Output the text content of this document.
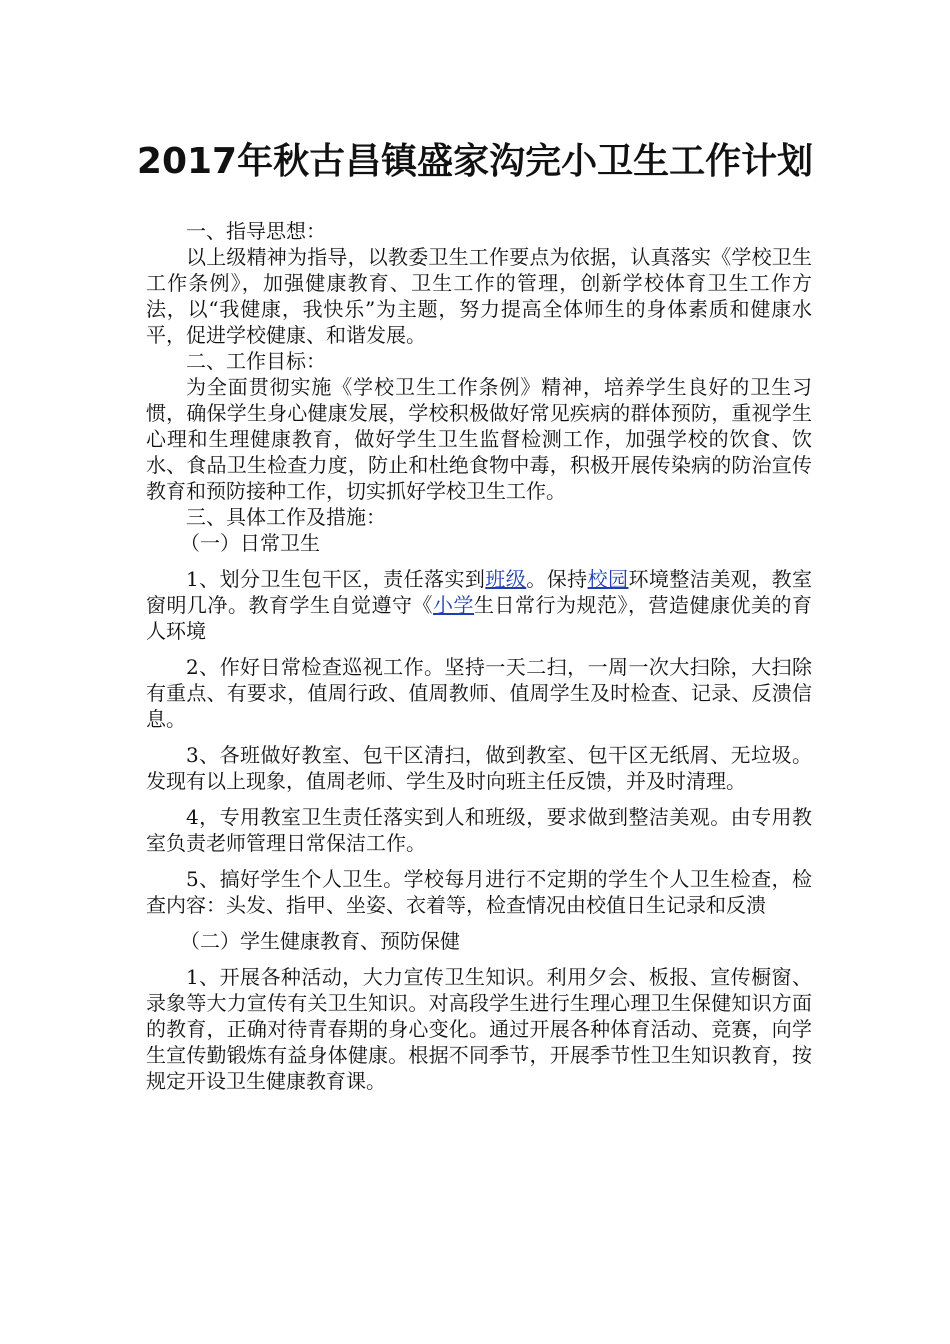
2017年秋古昌镇盛家沟完小卫生工作计划

一、指导思想：

以上级精神为指导，以教委卫生工作要点为依据，认真落实《学校卫生工作条例》，加强健康教育、卫生工作的管理，创新学校体育卫生工作方法，以“我健康，我快乐”为主题，努力提高全体师生的身体素质和健康水平，促进学校健康、和谐发展。

二、工作目标：

为全面贯彻实施《学校卫生工作条例》精神，培养学生良好的卫生习惯，确保学生身心健康发展，学校积极做好常见疾病的群体预防，重视学生心理和生理健康教育，做好学生卫生监督检测工作，加强学校的饮食、饮水、食品卫生检查力度，防止和杜绝食物中毒，积极开展传染病的防治宣传教育和预防接种工作，切实抓好学校卫生工作。

三、具体工作及措施：

（一）日常卫生

1、划分卫生包干区，责任落实到班级。保持校园环境整洁美观，教室窗明几净。教育学生自觉遵守《小学生日常行为规范》，营造健康优美的育人环境

2、作好日常检查巡视工作。坚持一天二扫，一周一次大扫除，大扫除有重点、有要求，值周行政、值周教师、值周学生及时检查、记录、反溃信息。

3、各班做好教室、包干区清扫，做到教室、包干区无纸屑、无垃圾。发现有以上现象，值周老师、学生及时向班主任反馈，并及时清理。

4，专用教室卫生责任落实到人和班级，要求做到整洁美观。由专用教室负责老师管理日常保洁工作。

5、搞好学生个人卫生。学校每月进行不定期的学生个人卫生检查，检查内容：头发、指甲、坐姿、衣着等，检查情况由校值日生记录和反溃

（二）学生健康教育、预防保健

1、开展各种活动，大力宣传卫生知识。利用夕会、板报、宣传橱窗、录象等大力宣传有关卫生知识。对高段学生进行生理心理卫生保健知识方面的教育，正确对待青春期的身心变化。通过开展各种体育活动、竞赛，向学生宣传勤锻炼有益身体健康。根据不同季节，开展季节性卫生知识教育，按规定开设卫生健康教育课。
